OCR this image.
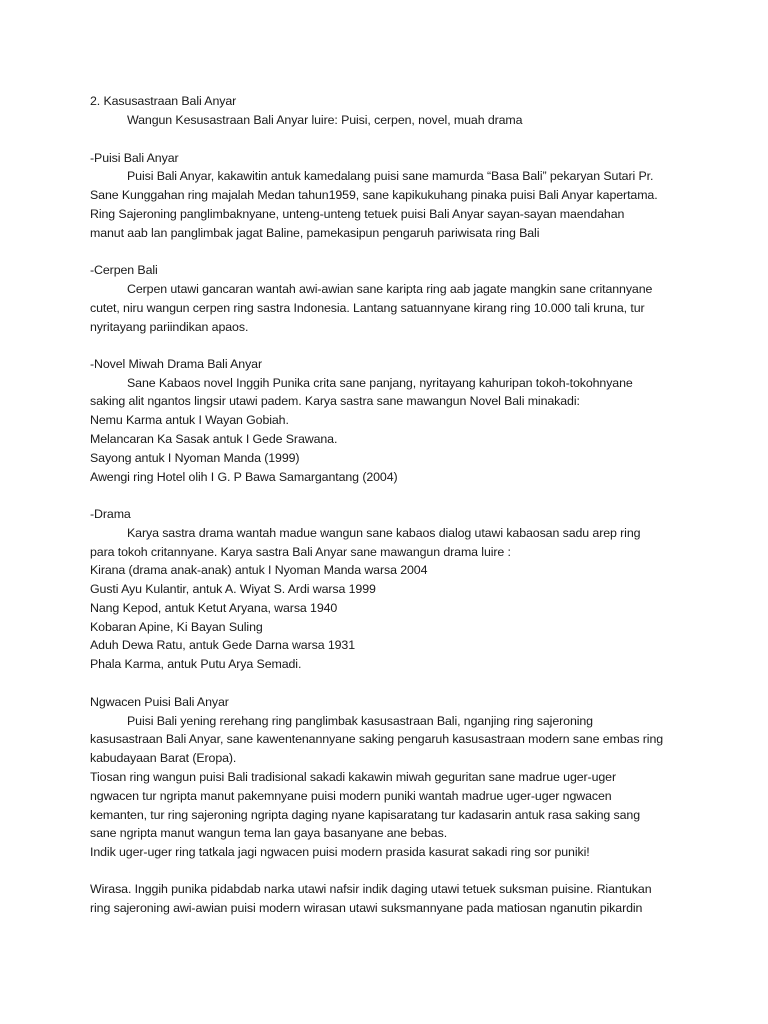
2. Kasusastraan Bali Anyar
Wangun Kesusastraan Bali Anyar luire: Puisi, cerpen, novel, muah drama
-Puisi Bali Anyar
Puisi Bali Anyar, kakawitin antuk kamedalang puisi sane mamurda “Basa Bali” pekaryan Sutari Pr.
Sane Kunggahan ring majalah Medan tahun1959, sane kapikukuhang pinaka puisi Bali Anyar kapertama.
Ring Sajeroning panglimbaknyane, unteng-unteng tetuek puisi Bali Anyar sayan-sayan maendahan
manut aab lan panglimbak jagat Baline, pamekasipun pengaruh pariwisata ring Bali
-Cerpen Bali
Cerpen utawi gancaran wantah awi-awian sane karipta ring aab jagate mangkin sane critannyane
cutet, niru wangun cerpen ring sastra Indonesia. Lantang satuannyane kirang ring 10.000 tali kruna, tur
nyritayang pariindikan apaos.
-Novel Miwah Drama Bali Anyar
Sane Kabaos novel Inggih Punika crita sane panjang, nyritayang kahuripan tokoh-tokohnyane
saking alit ngantos lingsir utawi padem. Karya sastra sane mawangun Novel Bali minakadi:
Nemu Karma antuk I Wayan Gobiah.
Melancaran Ka Sasak antuk I Gede Srawana.
Sayong antuk I Nyoman Manda (1999)
Awengi ring Hotel olih I G. P Bawa Samargantang (2004)
-Drama
Karya sastra drama wantah madue wangun sane kabaos dialog utawi kabaosan sadu arep ring
para tokoh critannyane. Karya sastra Bali Anyar sane mawangun drama luire :
Kirana (drama anak-anak) antuk I Nyoman Manda warsa 2004
Gusti Ayu Kulantir, antuk A. Wiyat S. Ardi warsa 1999
Nang Kepod, antuk Ketut Aryana, warsa 1940
Kobaran Apine, Ki Bayan Suling
Aduh Dewa Ratu, antuk Gede Darna warsa 1931
Phala Karma, antuk Putu Arya Semadi.
Ngwacen Puisi Bali Anyar
Puisi Bali yening rerehang ring panglimbak kasusastraan Bali, nganjing ring sajeroning
kasusastraan Bali Anyar, sane kawentenannyane saking pengaruh kasusastraan modern sane embas ring
kabudayaan Barat (Eropa).
Tiosan ring wangun puisi Bali tradisional sakadi kakawin miwah geguritan sane madrue uger-uger
ngwacen tur ngripta manut pakemnyane puisi modern puniki wantah madrue uger-uger ngwacen
kemanten, tur ring sajeroning ngripta daging nyane kapisaratang tur kadasarin antuk rasa saking sang
sane ngripta manut wangun tema lan gaya basanyane ane bebas.
Indik uger-uger ring tatkala jagi ngwacen puisi modern prasida kasurat sakadi ring sor puniki!
Wirasa. Inggih punika pidabdab narka utawi nafsir indik daging utawi tetuek suksman puisine. Riantukan
ring sajeroning awi-awian puisi modern wirasan utawi suksmannyane pada matiosan nganutin pikardin
